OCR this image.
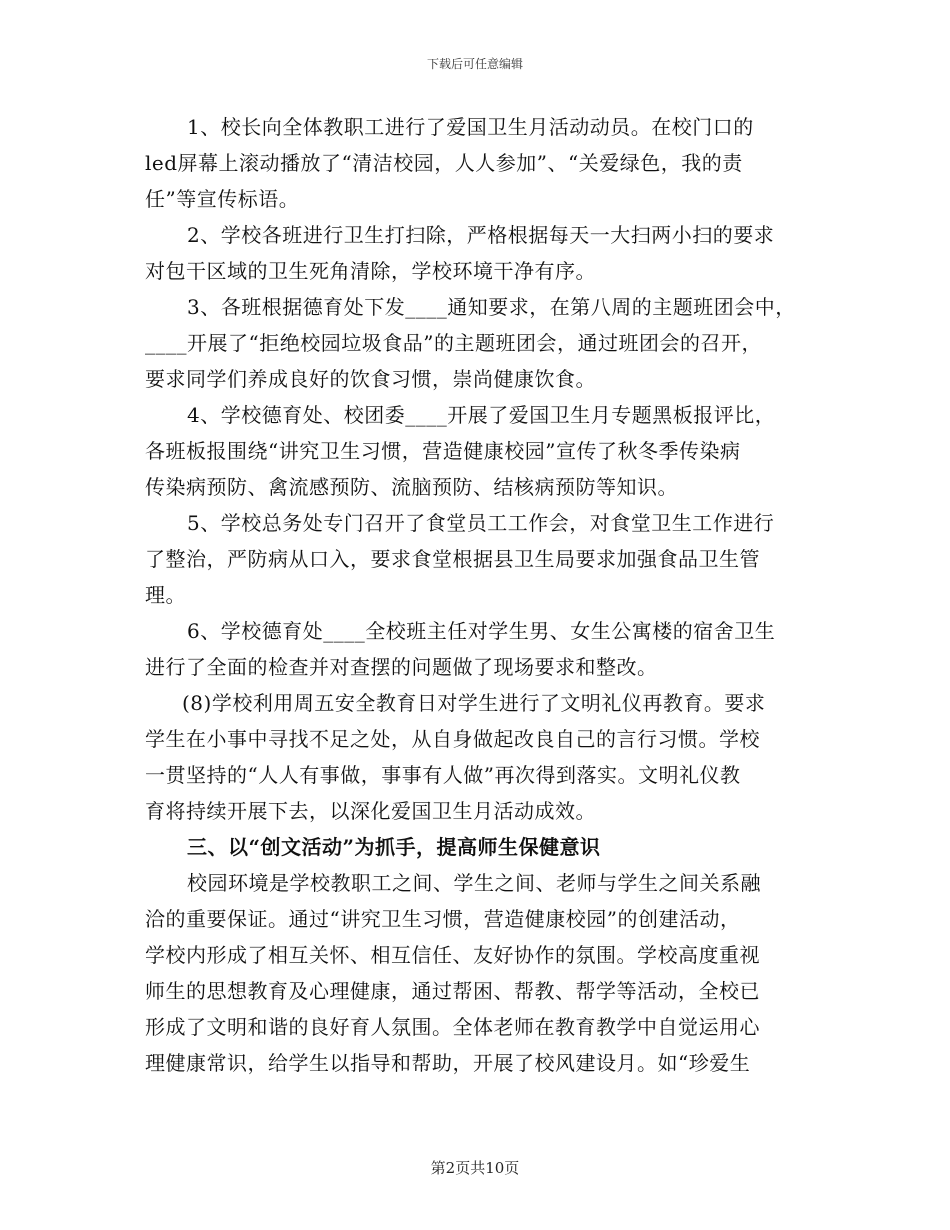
下载后可任意编辑
1、校长向全体教职工进行了爱国卫生月活动动员。在校门口的
led屏幕上滚动播放了“清洁校园，人人参加”、“关爱绿色，我的责
任”等宣传标语。
2、学校各班进行卫生打扫除，严格根据每天一大扫两小扫的要求
对包干区域的卫生死角清除，学校环境干净有序。
3、各班根据德育处下发____通知要求，在第八周的主题班团会中，
____开展了“拒绝校园垃圾食品”的主题班团会，通过班团会的召开，
要求同学们养成良好的饮食习惯，崇尚健康饮食。
4、学校德育处、校团委____开展了爱国卫生月专题黑板报评比，
各班板报围绕“讲究卫生习惯，营造健康校园”宣传了秋冬季传染病
传染病预防、禽流感预防、流脑预防、结核病预防等知识。
5、学校总务处专门召开了食堂员工工作会，对食堂卫生工作进行
了整治，严防病从口入，要求食堂根据县卫生局要求加强食品卫生管
理。
6、学校德育处____全校班主任对学生男、女生公寓楼的宿舍卫生
进行了全面的检查并对查摆的问题做了现场要求和整改。
(8)学校利用周五安全教育日对学生进行了文明礼仪再教育。要求
学生在小事中寻找不足之处，从自身做起改良自己的言行习惯。学校
一贯坚持的“人人有事做，事事有人做”再次得到落实。文明礼仪教
育将持续开展下去，以深化爱国卫生月活动成效。
三、以“创文活动”为抓手，提高师生保健意识
校园环境是学校教职工之间、学生之间、老师与学生之间关系融
洽的重要保证。通过“讲究卫生习惯，营造健康校园”的创建活动，
学校内形成了相互关怀、相互信任、友好协作的氛围。学校高度重视
师生的思想教育及心理健康，通过帮困、帮教、帮学等活动，全校已
形成了文明和谐的良好育人氛围。全体老师在教育教学中自觉运用心
理健康常识，给学生以指导和帮助，开展了校风建设月。如“珍爱生
第2页共10页
